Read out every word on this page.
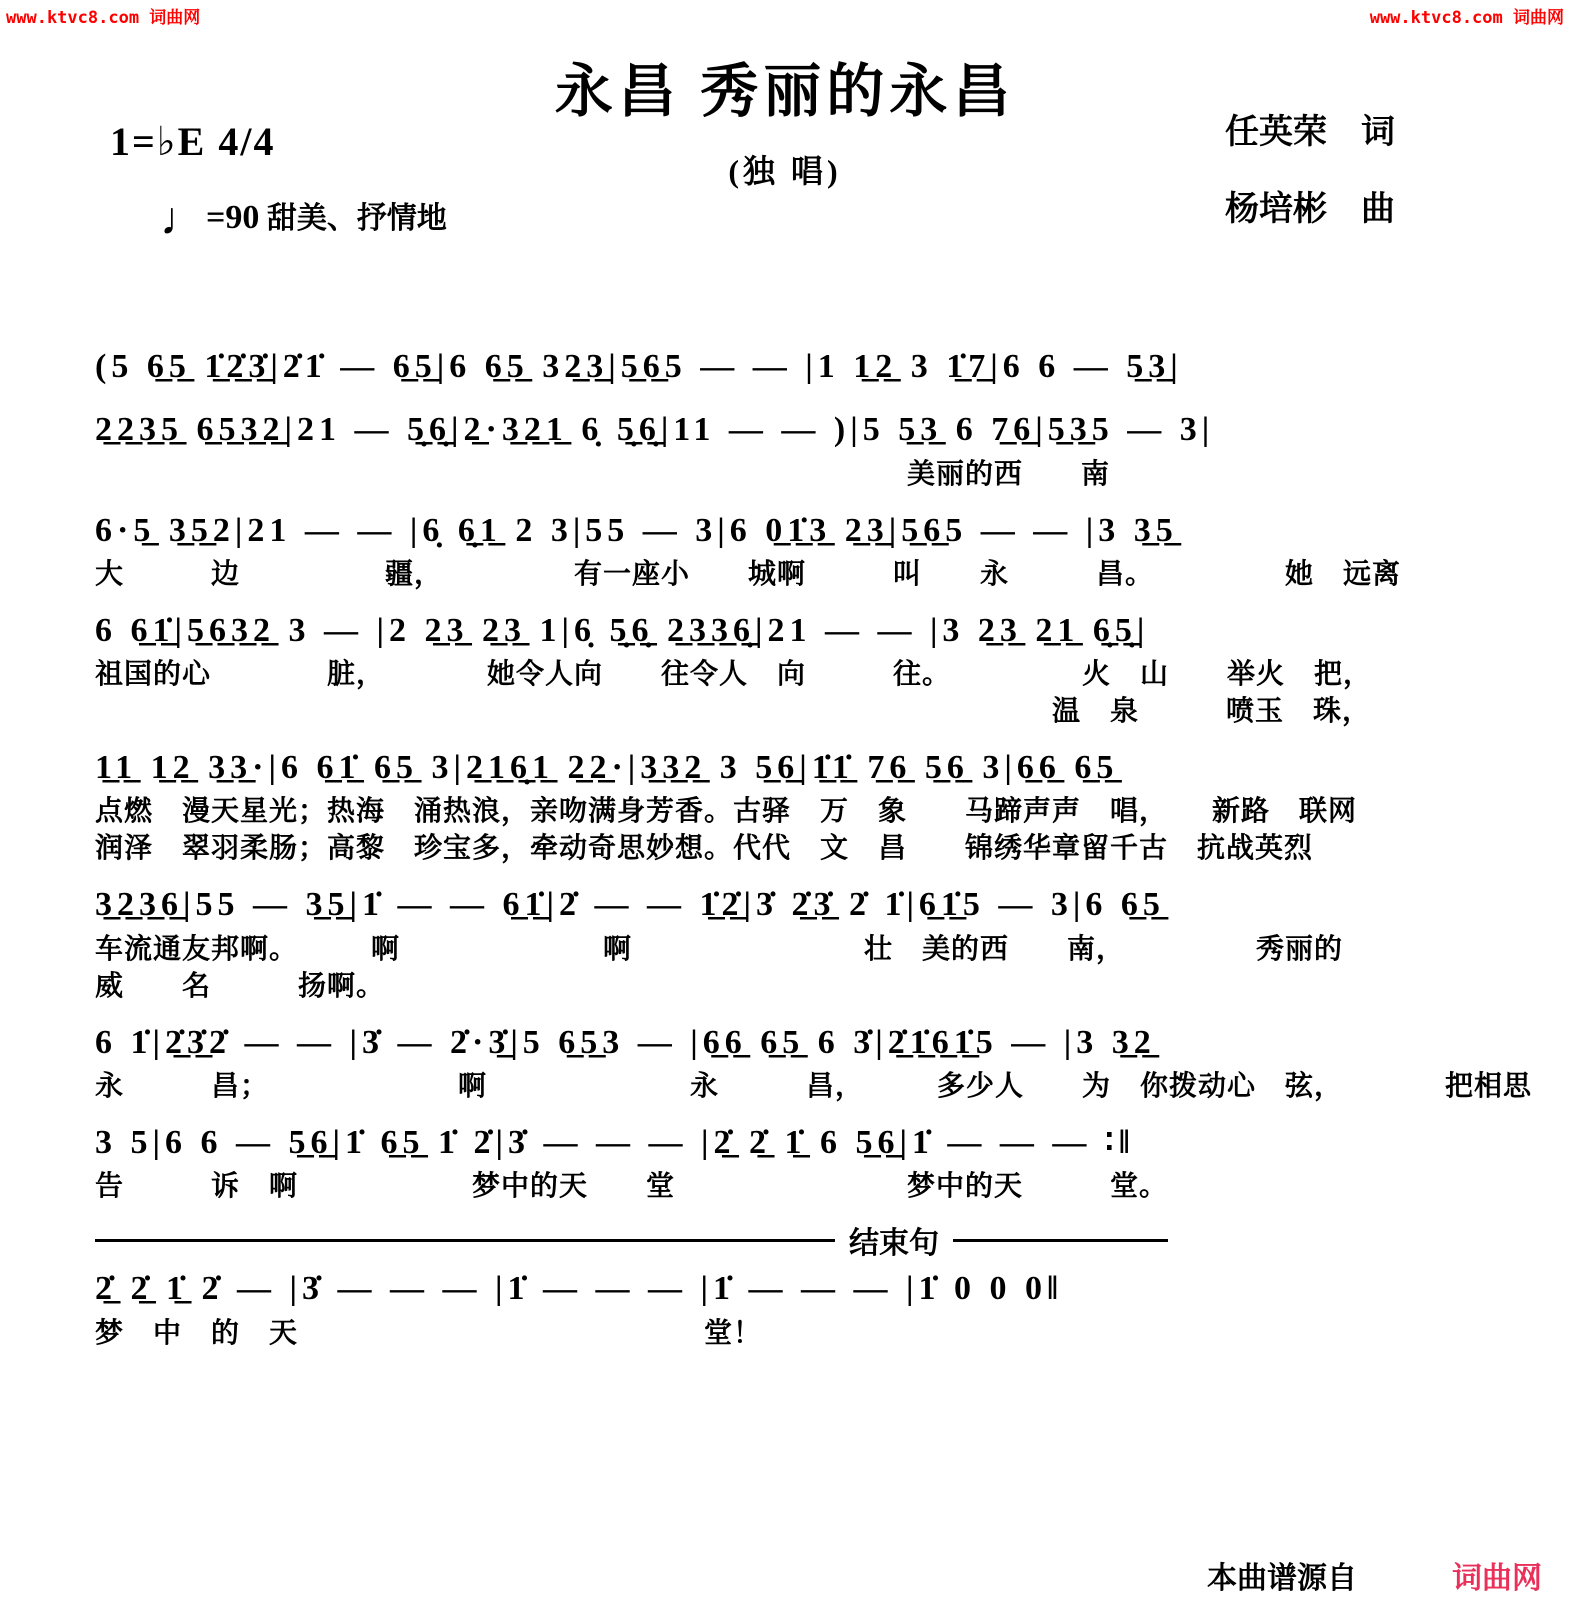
www.ktvc8.com 词曲网	www.ktvc8.com 词曲网
1=♭E 4/4
♩=90 甜美、抒情地
永昌 秀丽的永昌
(独 唱)
任英荣　词
杨培彬　曲
(5 6̲5̲ 1̲̇2̲̇3̲̇|2̇1̇ — 6̲5̲|6 6̲5̲ 32̲3̲|5̲6̲5 — — |1 1̲2̲ 3 1̲̇7̲|6 6 — 5̲3̲|
2̲2̲3̲5̲ 6̲5̲3̲2̲|21 — 5̲̣6̲̣|2̲·3̲2̲1̲ 6̣ 5̲̣6̲̣|11 — — )|5 5̲3̲ 6 7̲6̲|5̲3̲5 — 3|
　　　　　　　　　　　　　　　　　　　　　　　　　　　　美丽的西　　南
6·5̲ 3̲5̲2|21 — — |6̣ 6̲̣1̲ 2 3|55 — 3|6 0̲1̲̇3̲ 2̲3̲|5̲6̲5 — — |3 3̲5̲
大　　　边　　　　　疆，　　　　　有一座小　　城啊　　　叫　　永　　　昌。　　　　　她　远离
6 6̲1̲̇|5̲6̲3̲2̲ 3 — |2 2̲3̲ 2̲3̲ 1|6̣ 5̲̣6̲̣ 2̲3̲3̲6̲̣|21 — — |3 2̲3̲ 2̲1̲ 6̲̣5̲̣|
祖国的心　　　　脏，　　　　她令人向　　往令人　向　　　往。　　　　　火　山　　举火　把，
　　　　　　　　　　　　　　　　　　　　　　　　　　　　　　　　　温　泉　　　喷玉　珠，
1̲1̲ 1̲2̲ 3̲3̲·|6 6̲1̲̇ 6̲5̲ 3|2̲1̲6̲̣1̲ 2̲2̲·|3̲3̲2̲ 3 5̲6̲|1̲̇1̲̇ 7̲6̲ 5̲6̲ 3|6̲6̲ 6̲5̲
点燃　漫天星光；热海　涌热浪，亲吻满身芳香。古驿　万　象　　马蹄声声　唱，　　新路　联网
润泽　翠羽柔肠；高黎　珍宝多，牵动奇思妙想。代代　文　昌　　锦绣华章留千古　抗战英烈
3̲2̲3̲6̲|55 — 3̲5̲|1̇ — — 6̲1̲̇|2̇ — — 1̲̇2̲̇|3̇ 2̲̇3̲̇ 2̇ 1̇|6̲1̲̇5 — 3|6 6̲5̲
车流通友邦啊。　　　啊　　　　　　　啊　　　　　　　　壮　美的西　　南，　　　　　秀丽的
威　　名　　　扬啊。
6 1̇|2̲̇3̲̇2̇ — — |3̇ — 2̇·3̲̇|5 6̲5̲3 — |6̲6̲ 6̲5̲ 6 3̇|2̲̇1̲̇6̲1̲̇5 — |3 3̲2̲
永　　　昌；　　　　　　　啊　　　　　　　永　　　昌，　　　多少人　　为　你拨动心　弦，　　　　把相思
3 5|6 6 — 5̲6̲|1̇ 6̲5̲ 1̇ 2̇|3̇ — — — |2̲̇ 2̲̇ 1̲̇ 6 5̲6̲|1̇ — — — ∶‖
告　　　诉　啊　　　　　　梦中的天　　堂　　　　　　　　梦中的天　　　堂。
结束句
2̲̇ 2̲̇ 1̲̇ 2̇ — |3̇ — — — |1̇ — — — |1̇ — — — |1̇ 0 0 0‖
梦　中　的　天　　　　　　　　　　　　　　堂！
本曲谱源自	词曲网
